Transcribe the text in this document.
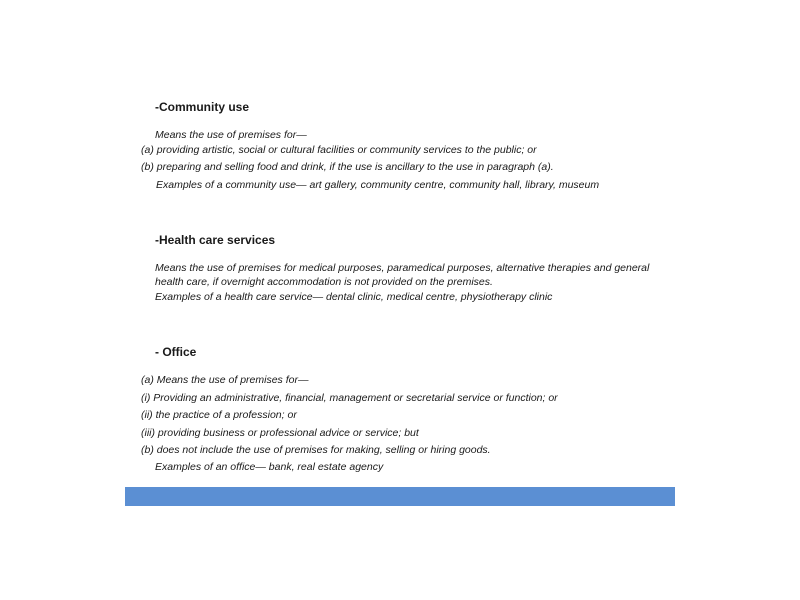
-Community use
Means the use of premises for—
(a) providing artistic, social or cultural facilities or community services to the public; or
(b) preparing and selling food and drink, if the use is ancillary to the use in paragraph (a).
Examples of a community use— art gallery, community centre, community hall, library, museum
-Health care services
Means the use of premises for medical purposes, paramedical purposes, alternative therapies and general health care, if overnight accommodation is not provided on the premises.
Examples of a health care service— dental clinic, medical centre, physiotherapy clinic
- Office
(a) Means the use of premises for—
(i) Providing an administrative, financial, management or secretarial service or function; or
(ii) the practice of a profession; or
(iii) providing business or professional advice or service; but
(b) does not include the use of premises for making, selling or hiring goods.
Examples of an office— bank, real estate agency
